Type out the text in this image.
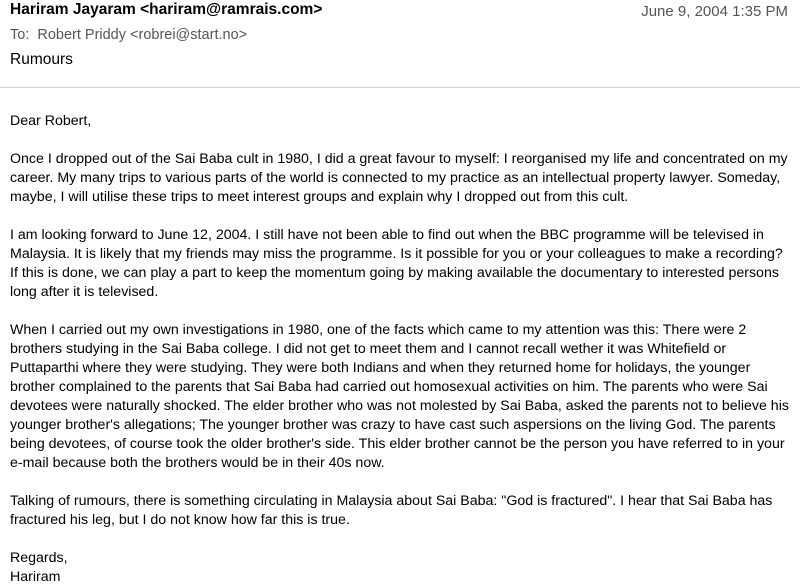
Hariram Jayaram <hariram@ramrais.com>	June 9, 2004 1:35 PM
To: Robert Priddy <robrei@start.no>
Rumours

Dear Robert,

Once I dropped out of the Sai Baba cult in 1980, I did a great favour to myself: I reorganised my life and concentrated on my career. My many trips to various parts of the world is connected to my practice as an intellectual property lawyer. Someday, maybe, I will utilise these trips to meet interest groups and explain why I dropped out from this cult.

I am looking forward to June 12, 2004. I still have not been able to find out when the BBC programme will be televised in Malaysia. It is likely that my friends may miss the programme. Is it possible for you or your colleagues to make a recording? If this is done, we can play a part to keep the momentum going by making available the documentary to interested persons long after it is televised.

When I carried out my own investigations in 1980, one of the facts which came to my attention was this: There were 2 brothers studying in the Sai Baba college. I did not get to meet them and I cannot recall wether it was Whitefield or Puttaparthi where they were studying. They were both Indians and when they returned home for holidays, the younger brother complained to the parents that Sai Baba had carried out homosexual activities on him. The parents who were Sai devotees were naturally shocked. The elder brother who was not molested by Sai Baba, asked the parents not to believe his younger brother's allegations; The younger brother was crazy to have cast such aspersions on the living God. The parents being devotees, of course took the older brother's side. This elder brother cannot be the person you have referred to in your e-mail because both the brothers would be in their 40s now.

Talking of rumours, there is something circulating in Malaysia about Sai Baba: "God is fractured". I hear that Sai Baba has fractured his leg, but I do not know how far this is true.

Regards,
Hariram
